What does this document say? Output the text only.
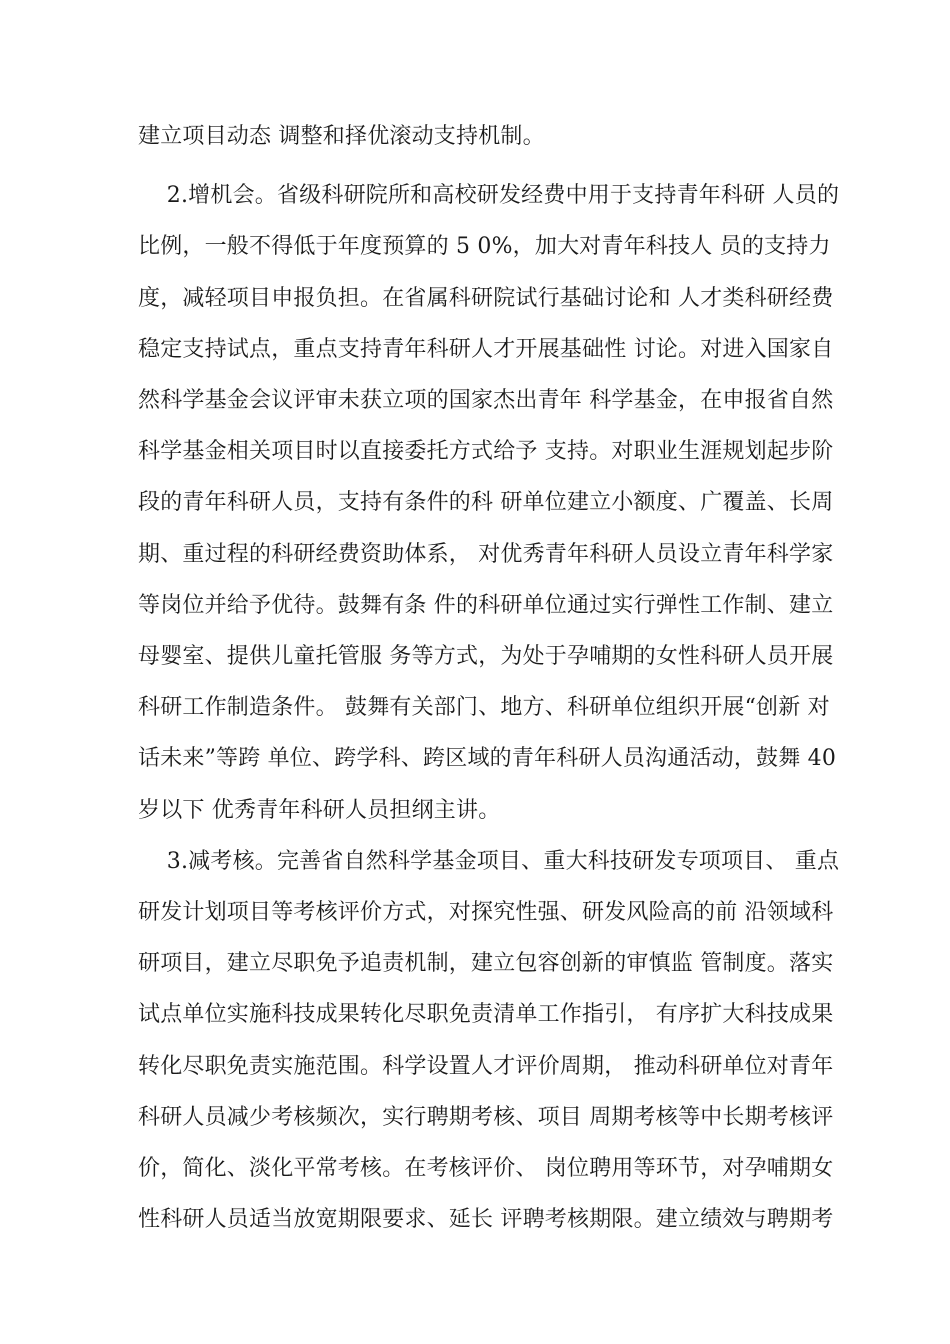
建立项目动态 调整和择优滚动支持机制。
2.增机会。省级科研院所和高校研发经费中用于支持青年科研 人员的
比例，一般不得低于年度预算的 5 0%，加大对青年科技人 员的支持力
度，减轻项目申报负担。在省属科研院试行基础讨论和 人才类科研经费
稳定支持试点，重点支持青年科研人才开展基础性 讨论。对进入国家自
然科学基金会议评审未获立项的国家杰出青年 科学基金，在申报省自然
科学基金相关项目时以直接委托方式给予 支持。对职业生涯规划起步阶
段的青年科研人员，支持有条件的科 研单位建立小额度、广覆盖、长周
期、重过程的科研经费资助体系， 对优秀青年科研人员设立青年科学家
等岗位并给予优待。鼓舞有条 件的科研单位通过实行弹性工作制、建立
母婴室、提供儿童托管服 务等方式，为处于孕哺期的女性科研人员开展
科研工作制造条件。 鼓舞有关部门、地方、科研单位组织开展“创新 对
话未来”等跨 单位、跨学科、跨区域的青年科研人员沟通活动，鼓舞 40
岁以下 优秀青年科研人员担纲主讲。
3.减考核。完善省自然科学基金项目、重大科技研发专项项目、 重点
研发计划项目等考核评价方式，对探究性强、研发风险高的前 沿领域科
研项目，建立尽职免予追责机制，建立包容创新的审慎监 管制度。落实
试点单位实施科技成果转化尽职免责清单工作指引， 有序扩大科技成果
转化尽职免责实施范围。科学设置人才评价周期， 推动科研单位对青年
科研人员减少考核频次，实行聘期考核、项目 周期考核等中长期考核评
价，简化、淡化平常考核。在考核评价、 岗位聘用等环节，对孕哺期女
性科研人员适当放宽期限要求、延长 评聘考核期限。建立绩效与聘期考
